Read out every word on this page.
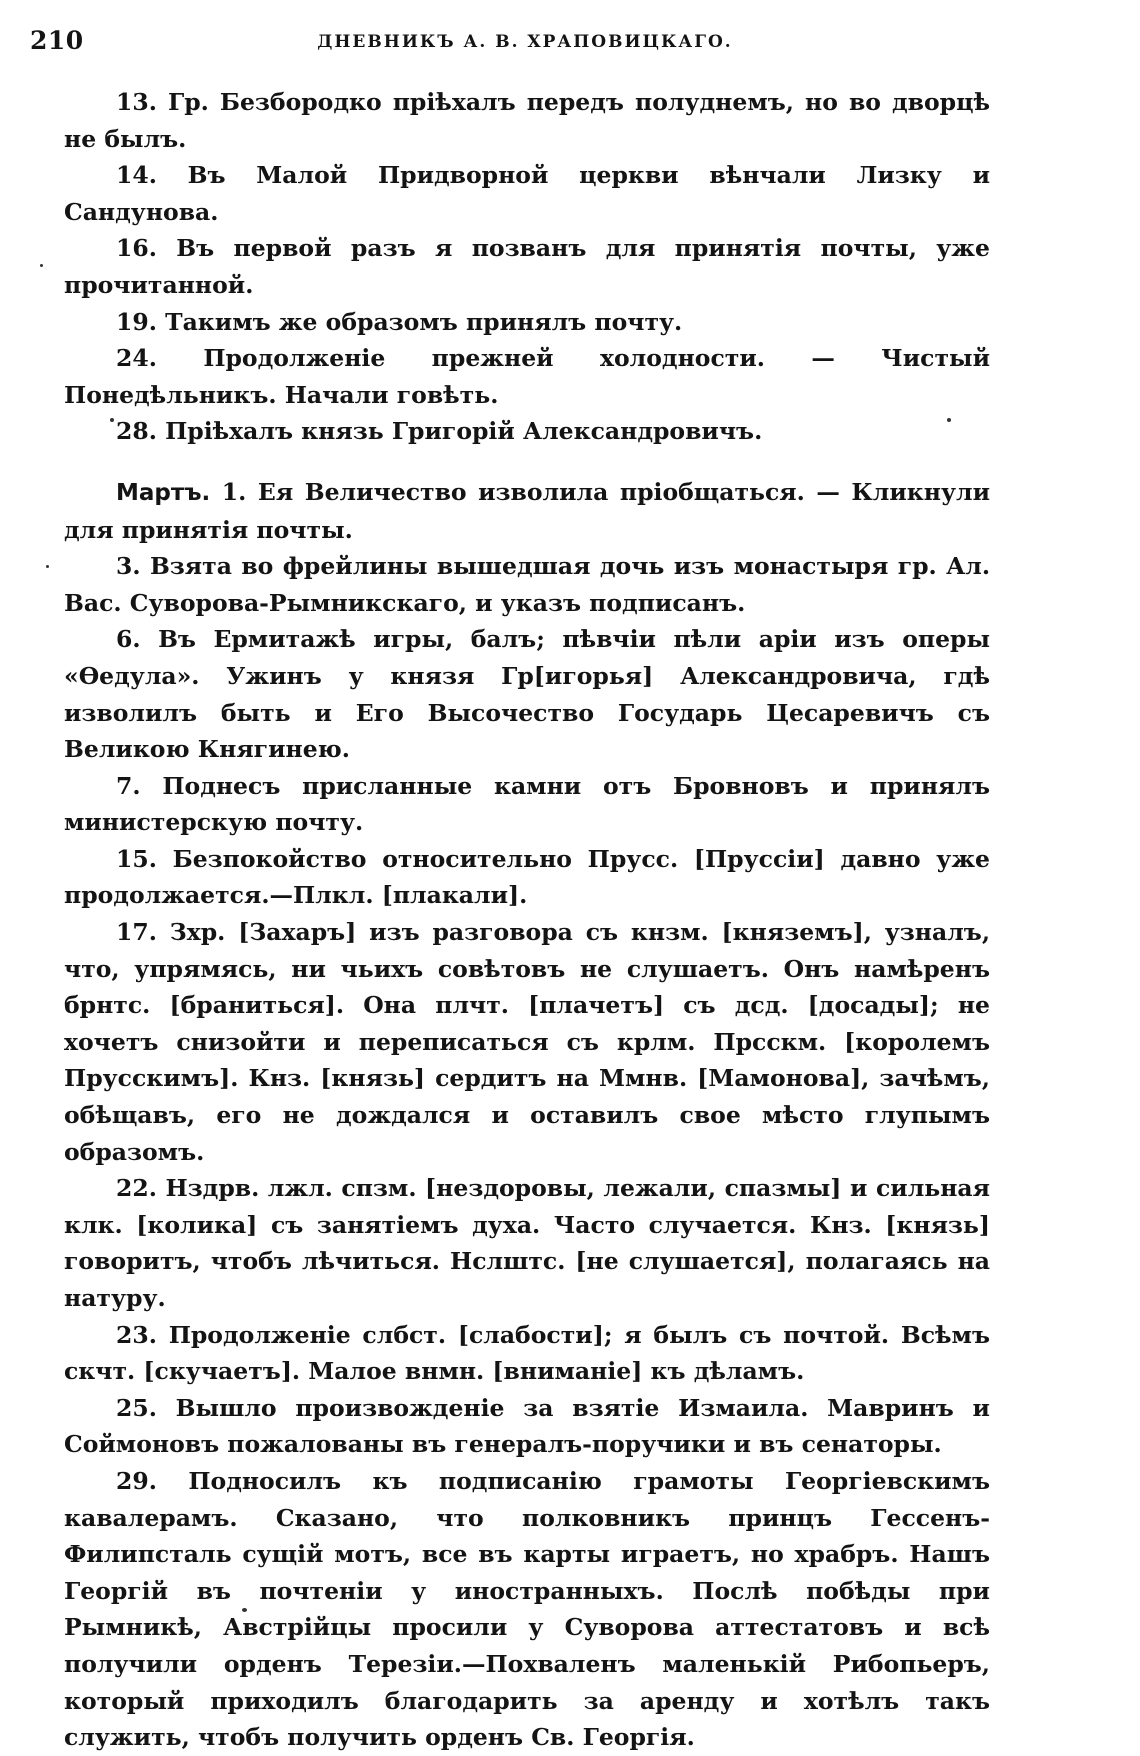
210	ДНЕВНИКЪ А. В. ХРАПОВИЦКАГО.

13. Гр. Безбородко пріѣхалъ передъ полуднемъ, но во дворцѣ не былъ.

14. Въ Малой Придворной церкви вѣнчали Лизку и Сандунова.

16. Въ первой разъ я позванъ для принятія почты, уже прочитанной.

19. Такимъ же образомъ принялъ почту.

24. Продолженіе прежней холодности. — Чистый Понедѣльникъ. Начали говѣть.

28. Пріѣхалъ князь Григорій Александровичъ.

Мартъ. 1. Ея Величество изволила пріобщаться. — Кликнули для принятія почты.

3. Взята во фрейлины вышедшая дочь изъ монастыря гр. Ал. Вас. Суворова-Рымникскаго, и указъ подписанъ.

6. Въ Ермитажѣ игры, балъ; пѣвчіи пѣли аріи изъ оперы «Ѳедула». Ужинъ у князя Гр[игорья] Александровича, гдѣ изволилъ быть и Его Высочество Государь Цесаревичъ съ Великою Княгинею.

7. Поднесъ присланные камни отъ Бровновъ и принялъ министерскую почту.

15. Безпокойство относительно Прусс. [Пруссіи] давно уже продолжается.—Плкл. [плакали].

17. Зхр. [Захаръ] изъ разговора съ кнзм. [княземъ], узналъ, что, упрямясь, ни чьихъ совѣтовъ не слушаетъ. Онъ намѣренъ брнтс. [браниться]. Она плчт. [плачетъ] съ дсд. [досады]; не хочетъ снизойти и переписаться съ крлм. Прсскм. [королемъ Прусскимъ]. Кнз. [князь] сердитъ на Ммнв. [Мамонова], зачѣмъ, обѣщавъ, его не дождался и оставилъ свое мѣсто глупымъ образомъ.

22. Нздрв. лжл. спзм. [нездоровы, лежали, спазмы] и сильная клк. [колика] съ занятіемъ духа. Часто случается. Кнз. [князь] говоритъ, чтобъ лѣчиться. Нслштс. [не слушается], полагаясь на натуру.

23. Продолженіе слбст. [слабости]; я былъ съ почтой. Всѣмъ скчт. [скучаетъ]. Малое внмн. [вниманіе] къ дѣламъ.

25. Вышло произвожденіе за взятіе Измаила. Мавринъ и Соймоновъ пожалованы въ генералъ-поручики и въ сенаторы.

29. Подносилъ къ подписанію грамоты Георгіевскимъ кавалерамъ. Сказано, что полковникъ принцъ Гессенъ-Филипсталь сущій мотъ, все въ карты играетъ, но храбръ. Нашъ Георгій въ почтеніи у иностранныхъ. Послѣ побѣды при Рымникѣ, Австрійцы просили у Суворова аттестатовъ и всѣ получили орденъ Терезіи.—Похваленъ маленькій Рибопьеръ, который приходилъ благодарить за аренду и хотѣлъ такъ служить, чтобъ получить орденъ Св. Георгія.
